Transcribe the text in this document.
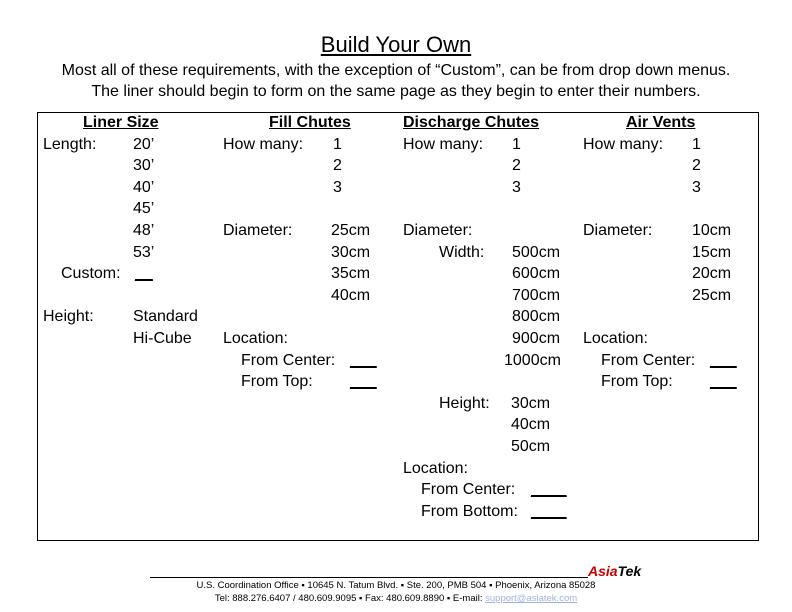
Build Your Own
Most all of these requirements, with the exception of “Custom”, can be from drop down menus.
The liner should begin to form on the same page as they begin to enter their numbers.
Liner Size
Length: 20’
30’
40’
45’
48’
53’
Custom: __
Height: Standard
Hi-Cube
Fill Chutes
How many: 1
2
3
Diameter: 25cm
30cm
35cm
40cm
Location:
From Center: ___
From Top: ___
Discharge Chutes
How many: 1
2
3
Diameter:
Width: 500cm
600cm
700cm
800cm
900cm
1000cm
Height: 30cm
40cm
50cm
Location:
From Center: ____
From Bottom: ____
Air Vents
How many: 1
2
3
Diameter: 10cm
15cm
20cm
25cm
Location:
From Center: ___
From Top: ___
AsiaTek
U.S. Coordination Office ▪ 10645 N. Tatum Blvd. ▪ Ste. 200, PMB 504 ▪ Phoenix, Arizona 85028
Tel: 888.276.6407 / 480.609.9095 ▪ Fax: 480.609.8890 ▪ E-mail: support@asiatek.com
